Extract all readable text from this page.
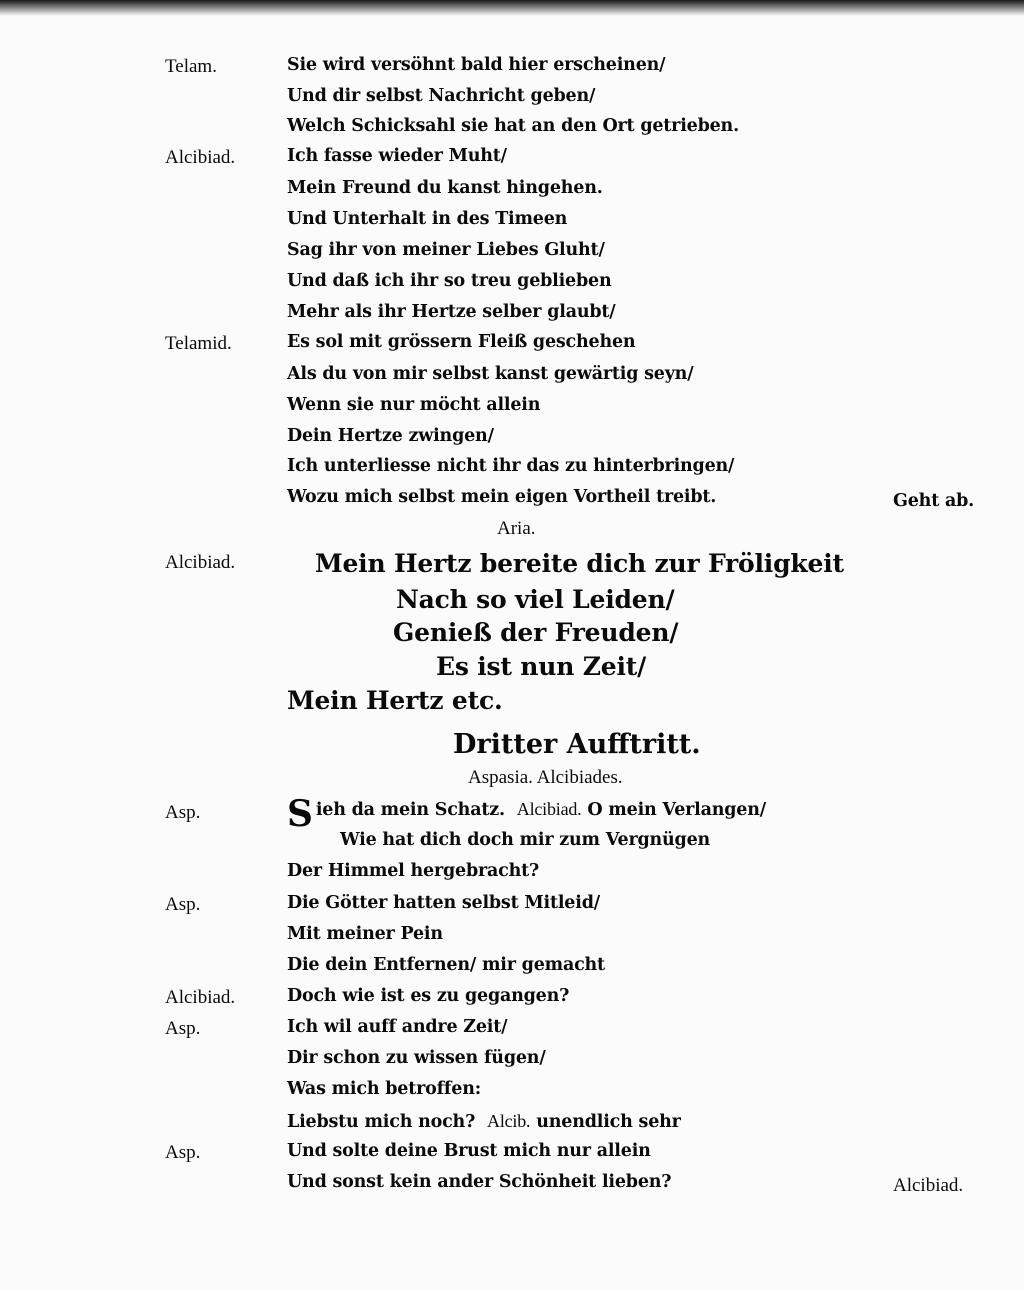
Telam.	Sie wird versöhnt bald hier erscheinen/
Und dir selbst Nachricht geben/
Welch Schicksahl sie hat an den Ort getrieben.
Alcibiad.	Ich fasse wieder Muht/
Mein Freund du kanst hingehen.
Und Unterhalt in des Timeen
Sag ihr von meiner Liebes Gluht/
Und daß ich ihr so treu geblieben
Mehr als ihr Hertze selber glaubt/
Telamid.	Es sol mit grössern Fleiß geschehen
Als du von mir selbst kanst gewärtig seyn/
Wenn sie nur möcht allein
Dein Hertze zwingen/
Ich unterliesse nicht ihr das zu hinterbringen/
Wozu mich selbst mein eigen Vortheil treibt.	Geht ab.
Aria.
Alcibiad.	Mein Hertz bereite dich zur Fröligkeit
Nach so viel Leiden/
Genieß der Freuden/
Es ist nun Zeit/
Mein Hertz etc.
Dritter Aufftritt.
Aspasia. Alcibiades.
Asp. Sieh da mein Schatz. Alcibiad. O mein Verlangen/
Wie hat dich doch mir zum Vergnügen
Der Himmel hergebracht?
Asp.	Die Götter hatten selbst Mitleid/
Mit meiner Pein
Die dein Entfernen/ mir gemacht
Alcibiad.	Doch wie ist es zu gegangen?
Asp.	Ich wil auff andre Zeit/
Dir schon zu wissen fügen/
Was mich betroffen:
Liebstu mich noch? Alcib. unendlich sehr
Asp.	Und solte deine Brust mich nur allein
Und sonst kein ander Schönheit lieben?	Alcibiad.
